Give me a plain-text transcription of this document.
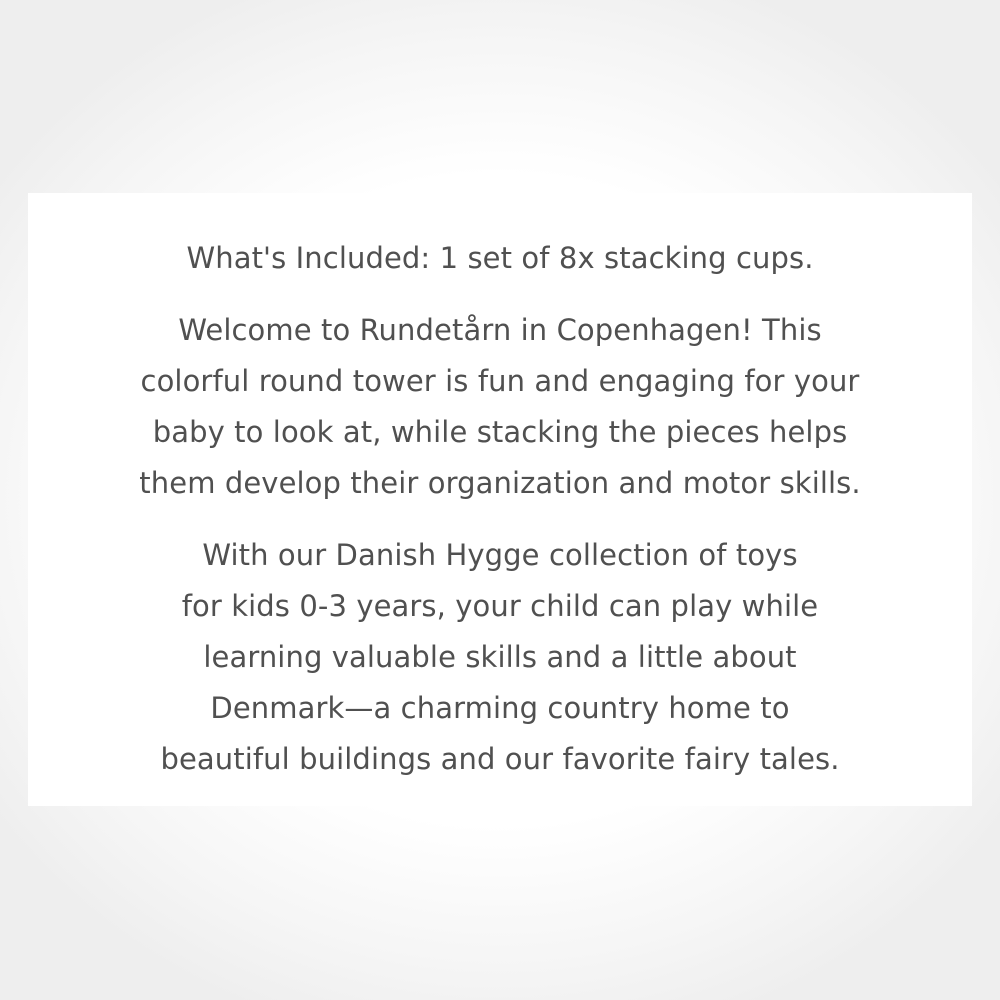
What's Included: 1 set of 8x stacking cups.

Welcome to Rundetårn in Copenhagen! This
colorful round tower is fun and engaging for your
baby to look at, while stacking the pieces helps
them develop their organization and motor skills.

With our Danish Hygge collection of toys
for kids 0-3 years, your child can play while
learning valuable skills and a little about
Denmark—a charming country home to
beautiful buildings and our favorite fairy tales.
